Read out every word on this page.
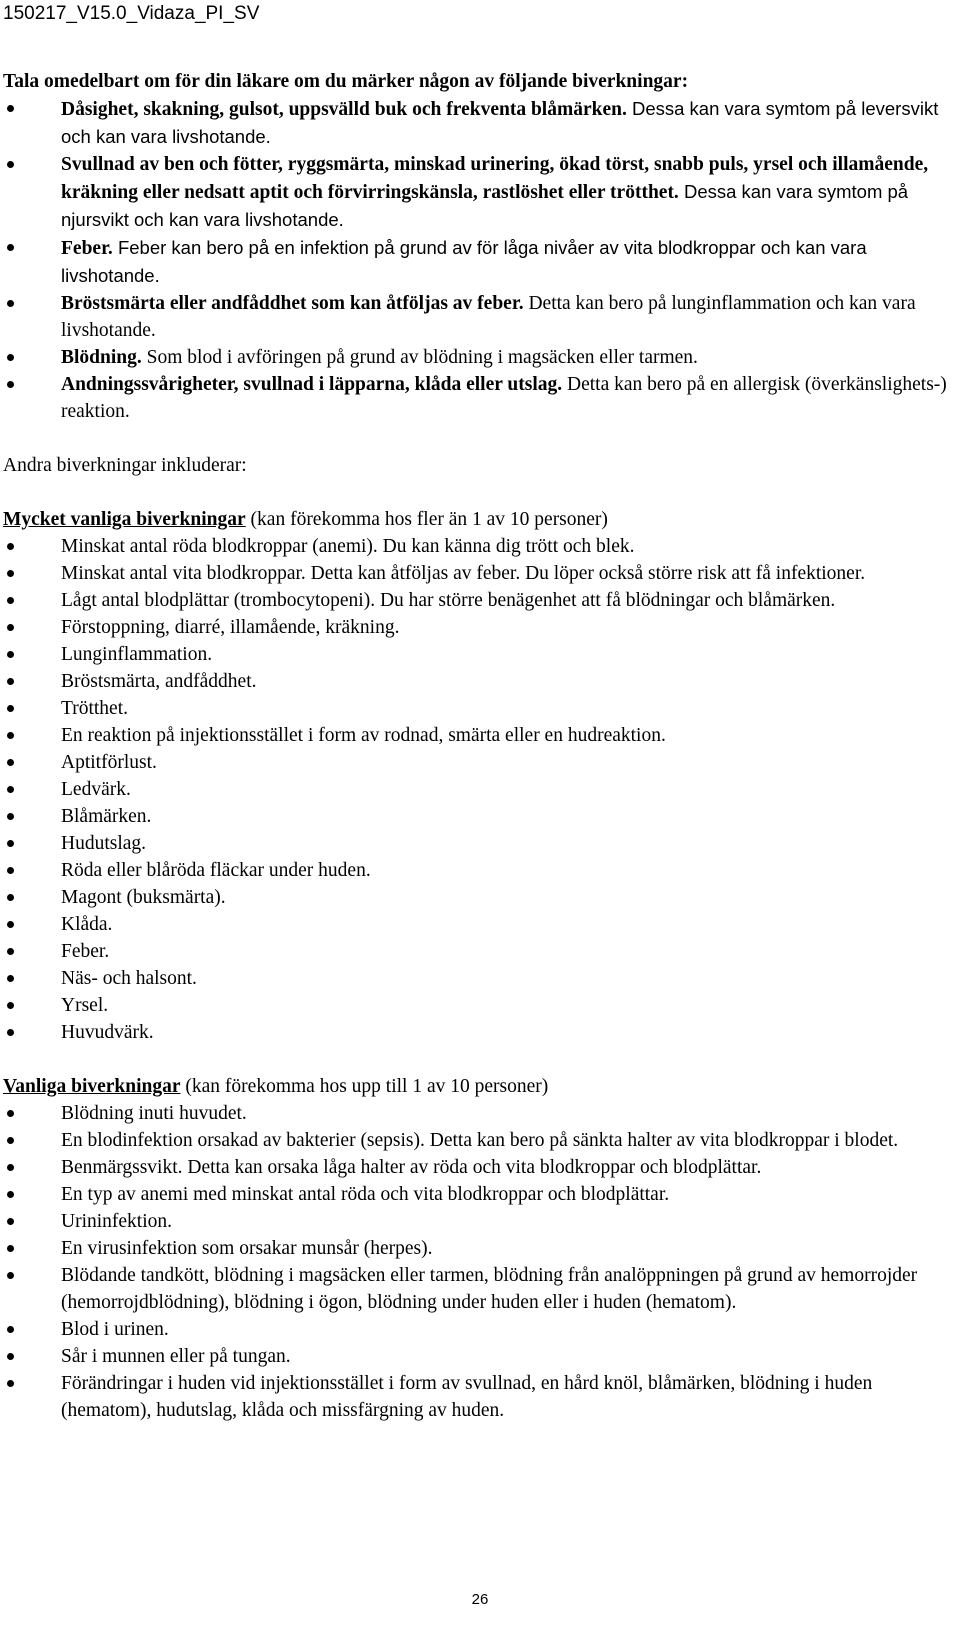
150217_V15.0_Vidaza_PI_SV

Tala omedelbart om för din läkare om du märker någon av följande biverkningar:

Dåsighet, skakning, gulsot, uppsvälld buk och frekventa blåmärken. Dessa kan vara symtom på leversvikt och kan vara livshotande.
Svullnad av ben och fötter, ryggsmärta, minskad urinering, ökad törst, snabb puls, yrsel och illamående, kräkning eller nedsatt aptit och förvirringskänsla, rastlöshet eller trötthet. Dessa kan vara symtom på njursvikt och kan vara livshotande.
Feber. Feber kan bero på en infektion på grund av för låga nivåer av vita blodkroppar och kan vara livshotande.
Bröstsmärta eller andfåddhet som kan åtföljas av feber. Detta kan bero på lunginflammation och kan vara livshotande.
Blödning. Som blod i avföringen på grund av blödning i magsäcken eller tarmen.
Andningssvårigheter, svullnad i läpparna, klåda eller utslag. Detta kan bero på en allergisk (överkänslighets-) reaktion.

Andra biverkningar inkluderar:

Mycket vanliga biverkningar (kan förekomma hos fler än 1 av 10 personer)

Minskat antal röda blodkroppar (anemi). Du kan känna dig trött och blek.
Minskat antal vita blodkroppar. Detta kan åtföljas av feber. Du löper också större risk att få infektioner.
Lågt antal blodplättar (trombocytopeni). Du har större benägenhet att få blödningar och blåmärken.
Förstoppning, diarré, illamående, kräkning.
Lunginflammation.
Bröstsmärta, andfåddhet.
Trötthet.
En reaktion på injektionsstället i form av rodnad, smärta eller en hudreaktion.
Aptitförlust.
Ledvärk.
Blåmärken.
Hudutslag.
Röda eller blåröda fläckar under huden.
Magont (buksmärta).
Klåda.
Feber.
Näs- och halsont.
Yrsel.
Huvudvärk.

Vanliga biverkningar (kan förekomma hos upp till 1 av 10 personer)

Blödning inuti huvudet.
En blodinfektion orsakad av bakterier (sepsis). Detta kan bero på sänkta halter av vita blodkroppar i blodet.
Benmärgssvikt. Detta kan orsaka låga halter av röda och vita blodkroppar och blodplättar.
En typ av anemi med minskat antal röda och vita blodkroppar och blodplättar.
Urininfektion.
En virusinfektion som orsakar munsår (herpes).
Blödande tandkött, blödning i magsäcken eller tarmen, blödning från analöppningen på grund av hemorrojder (hemorrojdblödning), blödning i ögon, blödning under huden eller i huden (hematom).
Blod i urinen.
Sår i munnen eller på tungan.
Förändringar i huden vid injektionsstället i form av svullnad, en hård knöl, blåmärken, blödning i huden (hematom), hudutslag, klåda och missfärgning av huden.
26
